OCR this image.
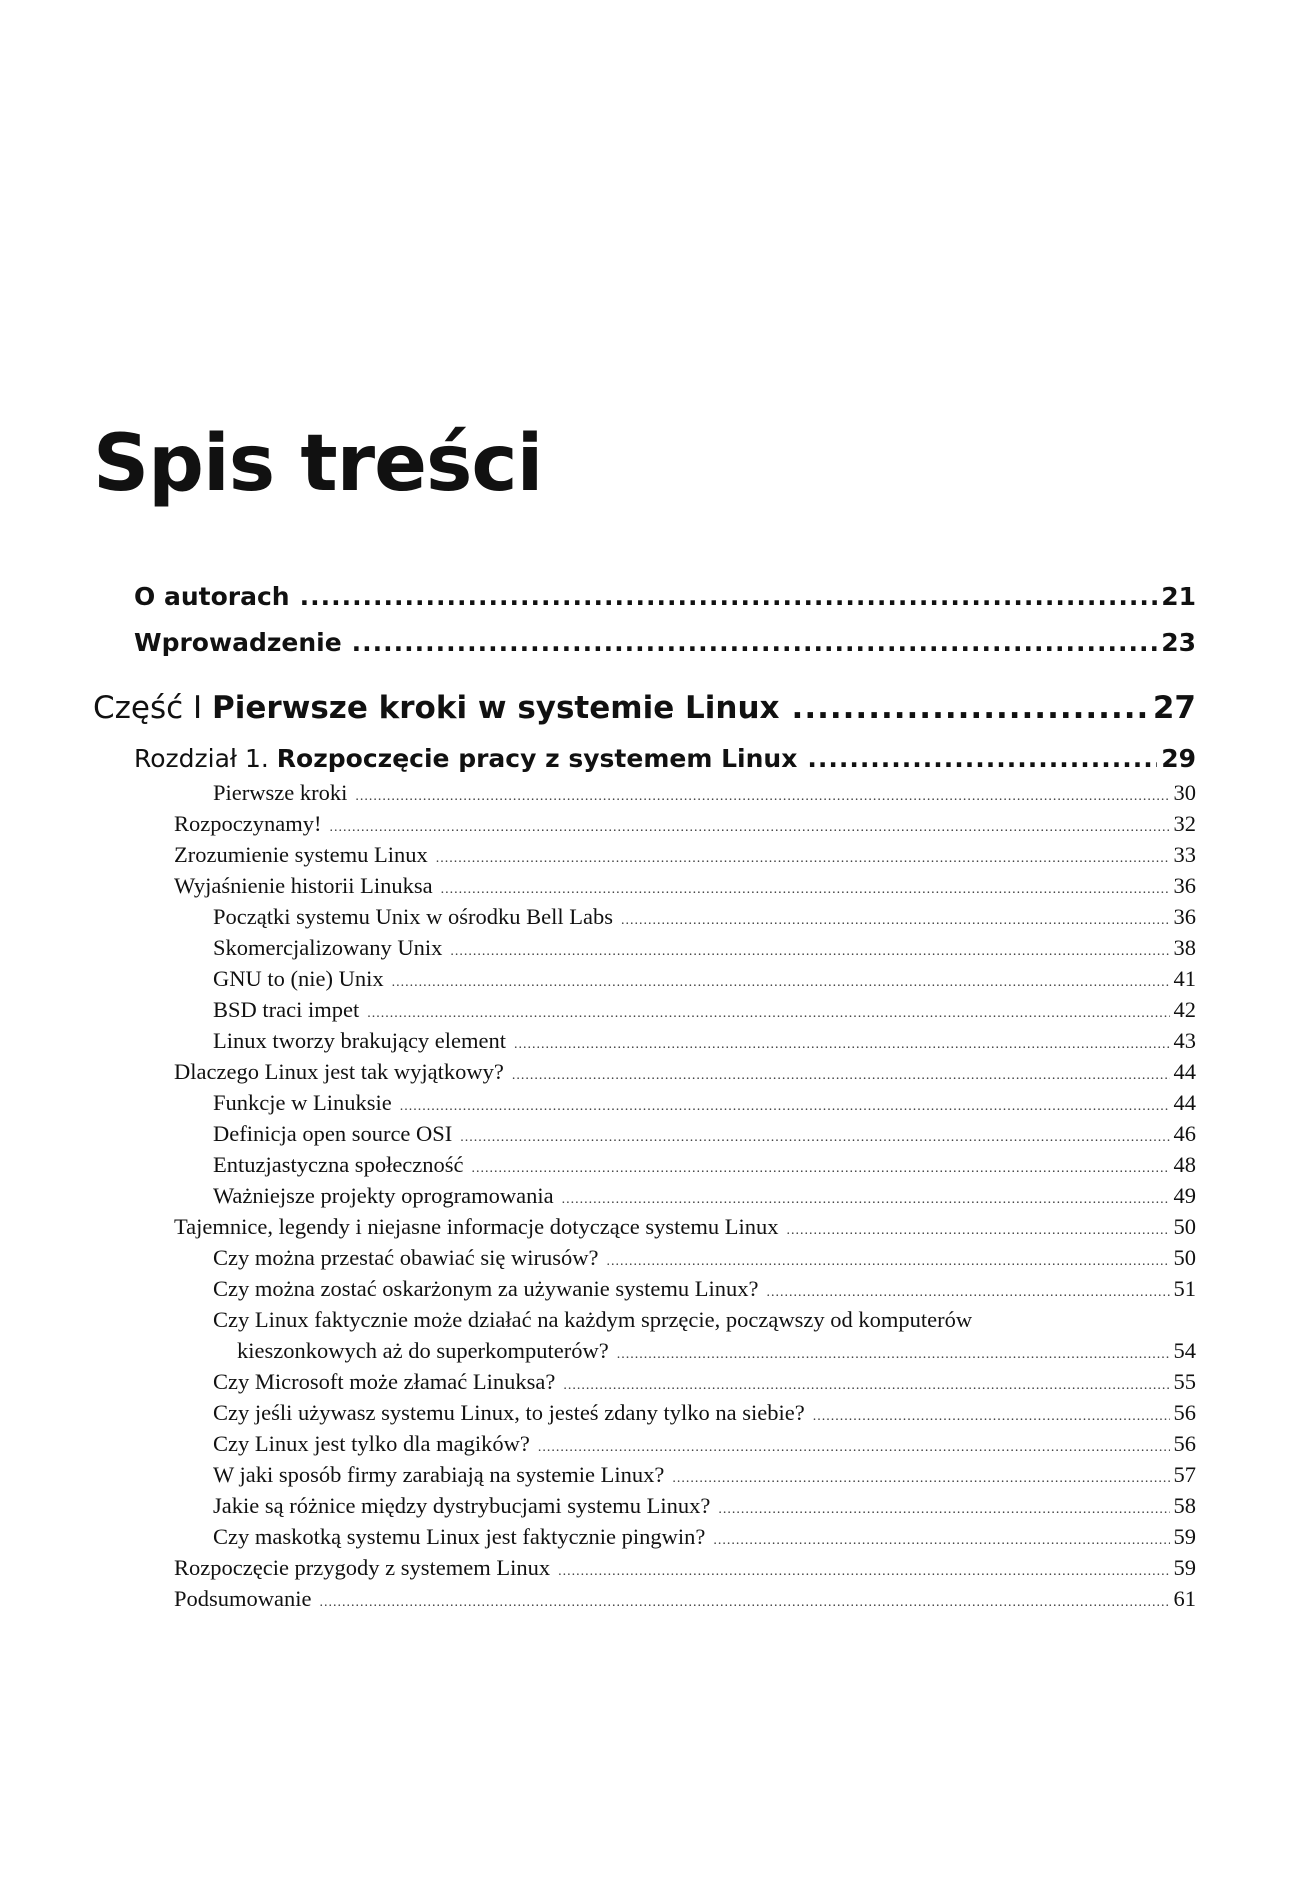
Spis treści
O autorach .....	21
Wprowadzenie .....	23
Część I Pierwsze kroki w systemie Linux .....	27
Rozdział 1. Rozpoczęcie pracy z systemem Linux .....	29
Pierwsze kroki .....	30
Rozpoczynamy! .....	32
Zrozumienie systemu Linux .....	33
Wyjaśnienie historii Linuksa .....	36
Początki systemu Unix w ośrodku Bell Labs .....	36
Skomercjalizowany Unix .....	38
GNU to (nie) Unix .....	41
BSD traci impet .....	42
Linux tworzy brakujący element .....	43
Dlaczego Linux jest tak wyjątkowy? .....	44
Funkcje w Linuksie .....	44
Definicja open source OSI .....	46
Entuzjastyczna społeczność .....	48
Ważniejsze projekty oprogramowania .....	49
Tajemnice, legendy i niejasne informacje dotyczące systemu Linux .....	50
Czy można przestać obawiać się wirusów? .....	50
Czy można zostać oskarżonym za używanie systemu Linux? .....	51
Czy Linux faktycznie może działać na każdym sprzęcie, począwszy od komputerów
kieszonkowych aż do superkomputerów? .....	54
Czy Microsoft może złamać Linuksa? .....	55
Czy jeśli używasz systemu Linux, to jesteś zdany tylko na siebie? .....	56
Czy Linux jest tylko dla magików? .....	56
W jaki sposób firmy zarabiają na systemie Linux? .....	57
Jakie są różnice między dystrybucjami systemu Linux? .....	58
Czy maskotką systemu Linux jest faktycznie pingwin? .....	59
Rozpoczęcie przygody z systemem Linux .....	59
Podsumowanie .....	61
